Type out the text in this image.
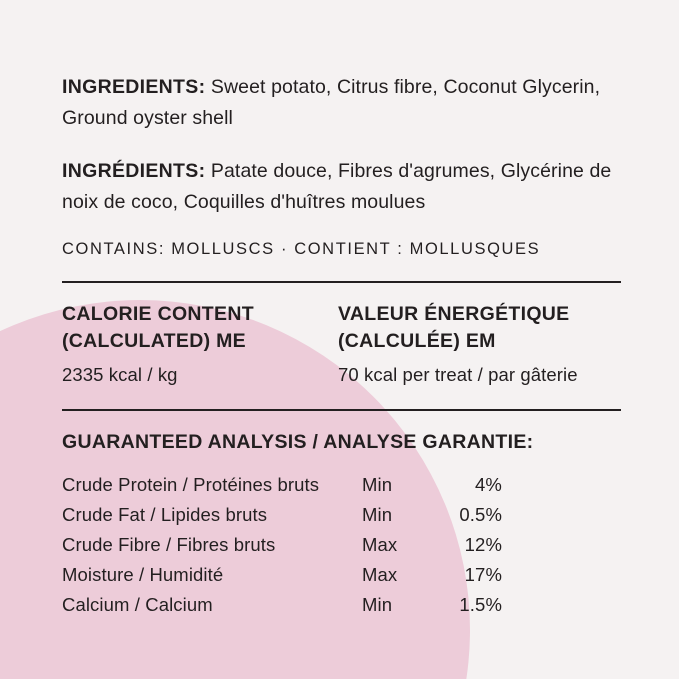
INGREDIENTS: Sweet potato, Citrus fibre, Coconut Glycerin, Ground oyster shell

INGRÉDIENTS: Patate douce, Fibres d'agrumes, Glycérine de noix de coco, Coquilles d'huîtres moulues

CONTAINS: MOLLUSCS · CONTIENT : MOLLUSQUES

CALORIE CONTENT (CALCULATED) ME

2335 kcal / kg

VALEUR ÉNERGÉTIQUE (CALCULÉE) EM

70 kcal per treat / par gâterie

GUARANTEED ANALYSIS / ANALYSE GARANTIE:

Crude Protein / Protéines bruts	Min	4%
Crude Fat / Lipides bruts	Min	0.5%
Crude Fibre / Fibres bruts	Max	12%
Moisture / Humidité	Max	17%
Calcium / Calcium	Min	1.5%
